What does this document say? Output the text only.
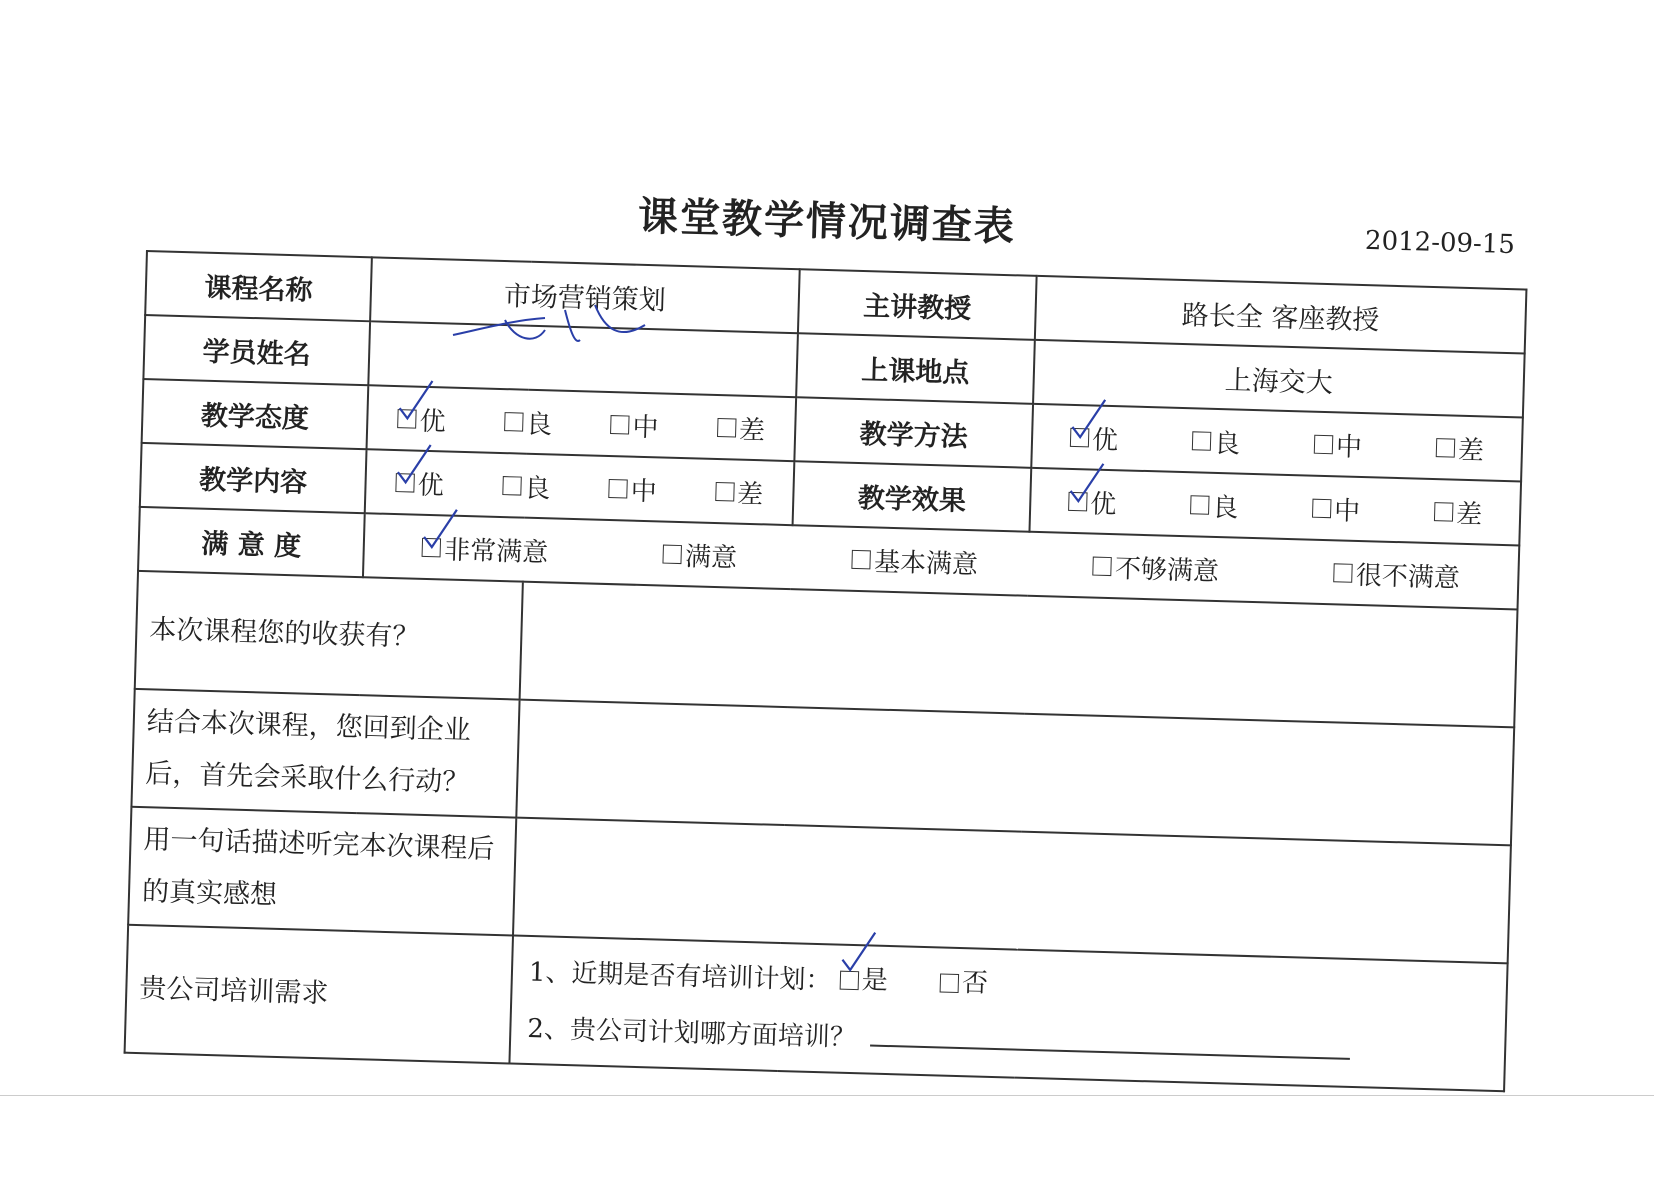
课堂教学情况调查表	2012-09-15
课程名称	市场营销策划		主讲教授	路长全 客座教授
学员姓名			上课地点	上海交大
教学态度	优 良 中 差		教学方法	优 良 中 差

教学内容	优 良 中 差		教学效果	优 良 中 差

满 意 度	非常满意 满意 基本满意 不够满意 很不满意			

本次课程您的收获有？				
结合本次课程，您回到企业后，首先会采取什么行动？				
用一句话描述听完本次课程后的真实感想				
贵公司培训需求		1、近期是否有培训计划： 是
否
2、贵公司计划哪方面培训？		
